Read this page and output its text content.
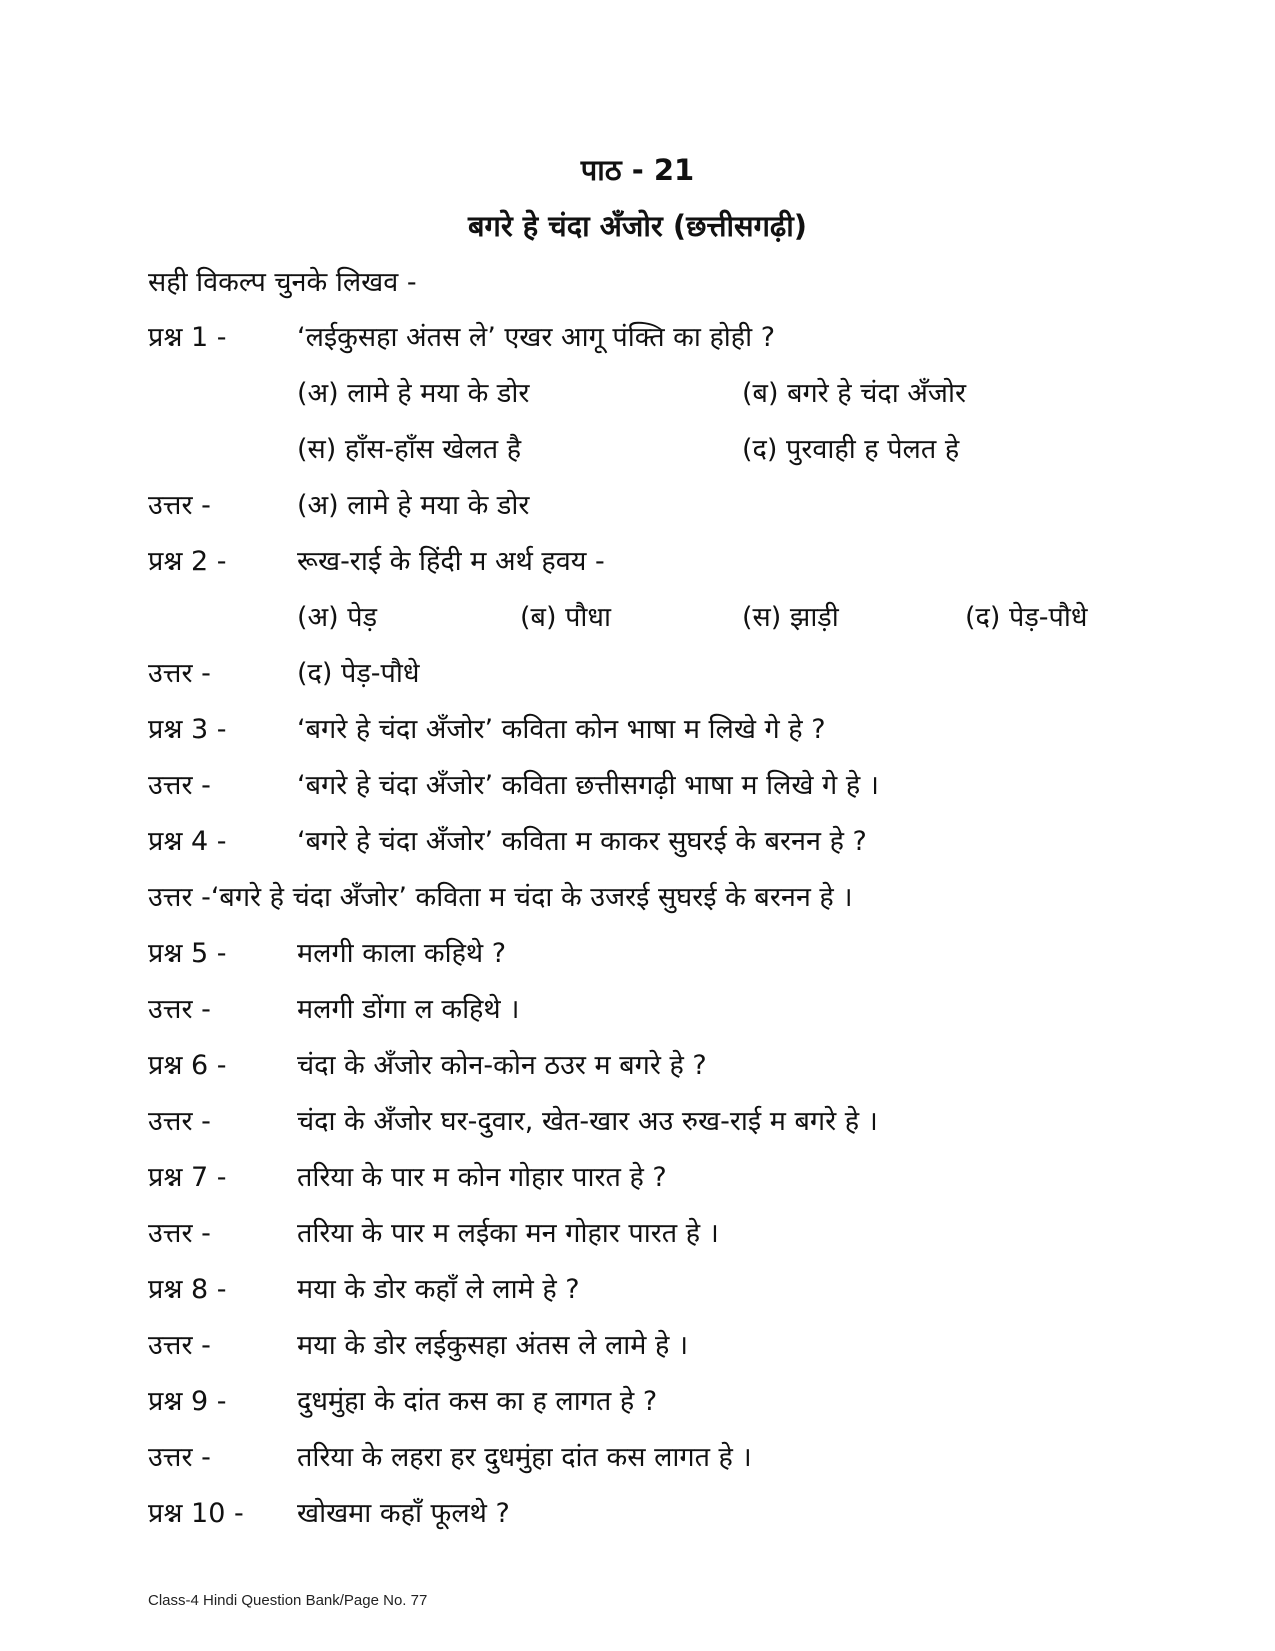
पाठ - 21
बगरे हे चंदा अँजोर (छत्तीसगढ़ी)

सही विकल्प चुनके लिखव -

प्रश्न 1 -	‘लईकुसहा अंतस ले’ एखर आगू पंक्ति का होही ?
(अ) लामे हे मया के डोर	(ब) बगरे हे चंदा अँजोर
(स) हाँस-हाँस खेलत है	(द) पुरवाही ह पेलत हे
उत्तर -	(अ) लामे हे मया के डोर
प्रश्न 2 -	रूख-राई के हिंदी म अर्थ हवय -
(अ) पेड़	(ब) पौधा	(स) झाड़ी	(द) पेड़-पौधे
उत्तर -	(द) पेड़-पौधे
प्रश्न 3 -	‘बगरे हे चंदा अँजोर’ कविता कोन भाषा म लिखे गे हे ?
उत्तर -	‘बगरे हे चंदा अँजोर’ कविता छत्तीसगढ़ी भाषा म लिखे गे हे ।
प्रश्न 4 -	‘बगरे हे चंदा अँजोर’ कविता म काकर सुघरई के बरनन हे ?
उत्तर -‘बगरे हे चंदा अँजोर’ कविता म चंदा के उजरई सुघरई के बरनन हे ।
प्रश्न 5 -	मलगी काला कहिथे ?
उत्तर -	मलगी डोंगा ल कहिथे ।
प्रश्न 6 -	चंदा के अँजोर कोन-कोन ठउर म बगरे हे ?
उत्तर -	चंदा के अँजोर घर-दुवार, खेत-खार अउ रुख-राई म बगरे हे ।
प्रश्न 7 -	तरिया के पार म कोन गोहार पारत हे ?
उत्तर -	तरिया के पार म लईका मन गोहार पारत हे ।
प्रश्न 8 -	मया के डोर कहाँ ले लामे हे ?
उत्तर -	मया के डोर लईकुसहा अंतस ले लामे हे ।
प्रश्न 9 -	दुधमुंहा के दांत कस का ह लागत हे ?
उत्तर -	तरिया के लहरा हर दुधमुंहा दांत कस लागत हे ।
प्रश्न 10 - खोखमा कहाँ फूलथे ?

Class-4 Hindi Question Bank/Page No. 77
